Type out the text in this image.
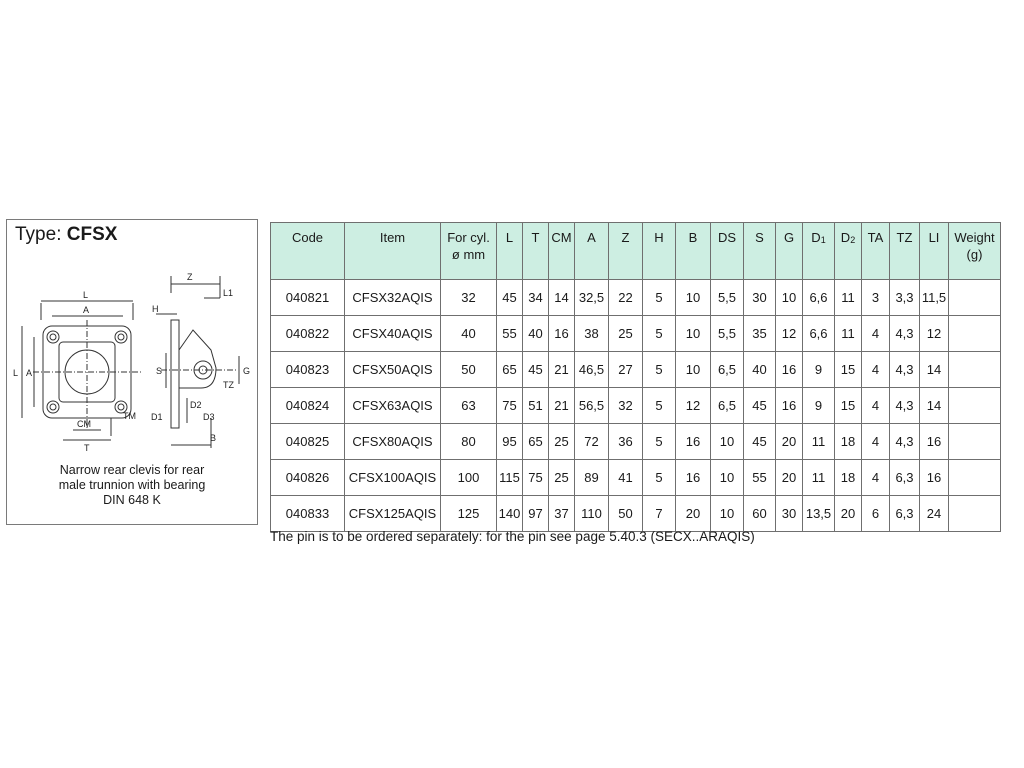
Type: CFSX
L
A
L A
CM
T
TM
Z
L1
H
S	G
D1
D2
D3
TZ
B
Narrow rear clevis for rear
male trunnion with bearing
DIN 648 K
Code	Item	For cyl.
ø mm	L	T	CM	A	Z	H	B	DS	S	G	$D_1$	$D_2$	TA	TZ	LI	Weight
(g)
040821	CFSX32AQIS	32	45	34	14	32,5	22	5	10	5,5	30	10	6,6	11	3	3,3	11,5	
040822	CFSX40AQIS	40	55	40	16	38	25	5	10	5,5	35	12	6,6	11	4	4,3	12	
040823	CFSX50AQIS	50	65	45	21	46,5	27	5	10	6,5	40	16	9	15	4	4,3	14	
040824	CFSX63AQIS	63	75	51	21	56,5	32	5	12	6,5	45	16	9	15	4	4,3	14	
040825	CFSX80AQIS	80	95	65	25	72	36	5	16	10	45	20	11	18	4	4,3	16	
040826	CFSX100AQIS	100	115	75	25	89	41	5	16	10	55	20	11	18	4	6,3	16	
040833	CFSX125AQIS	125	140	97	37	110	50	7	20	10	60	30	13,5	20	6	6,3	24	
The pin is to be ordered separately: for the pin see page 5.40.3 (SECX..ARAQIS)
